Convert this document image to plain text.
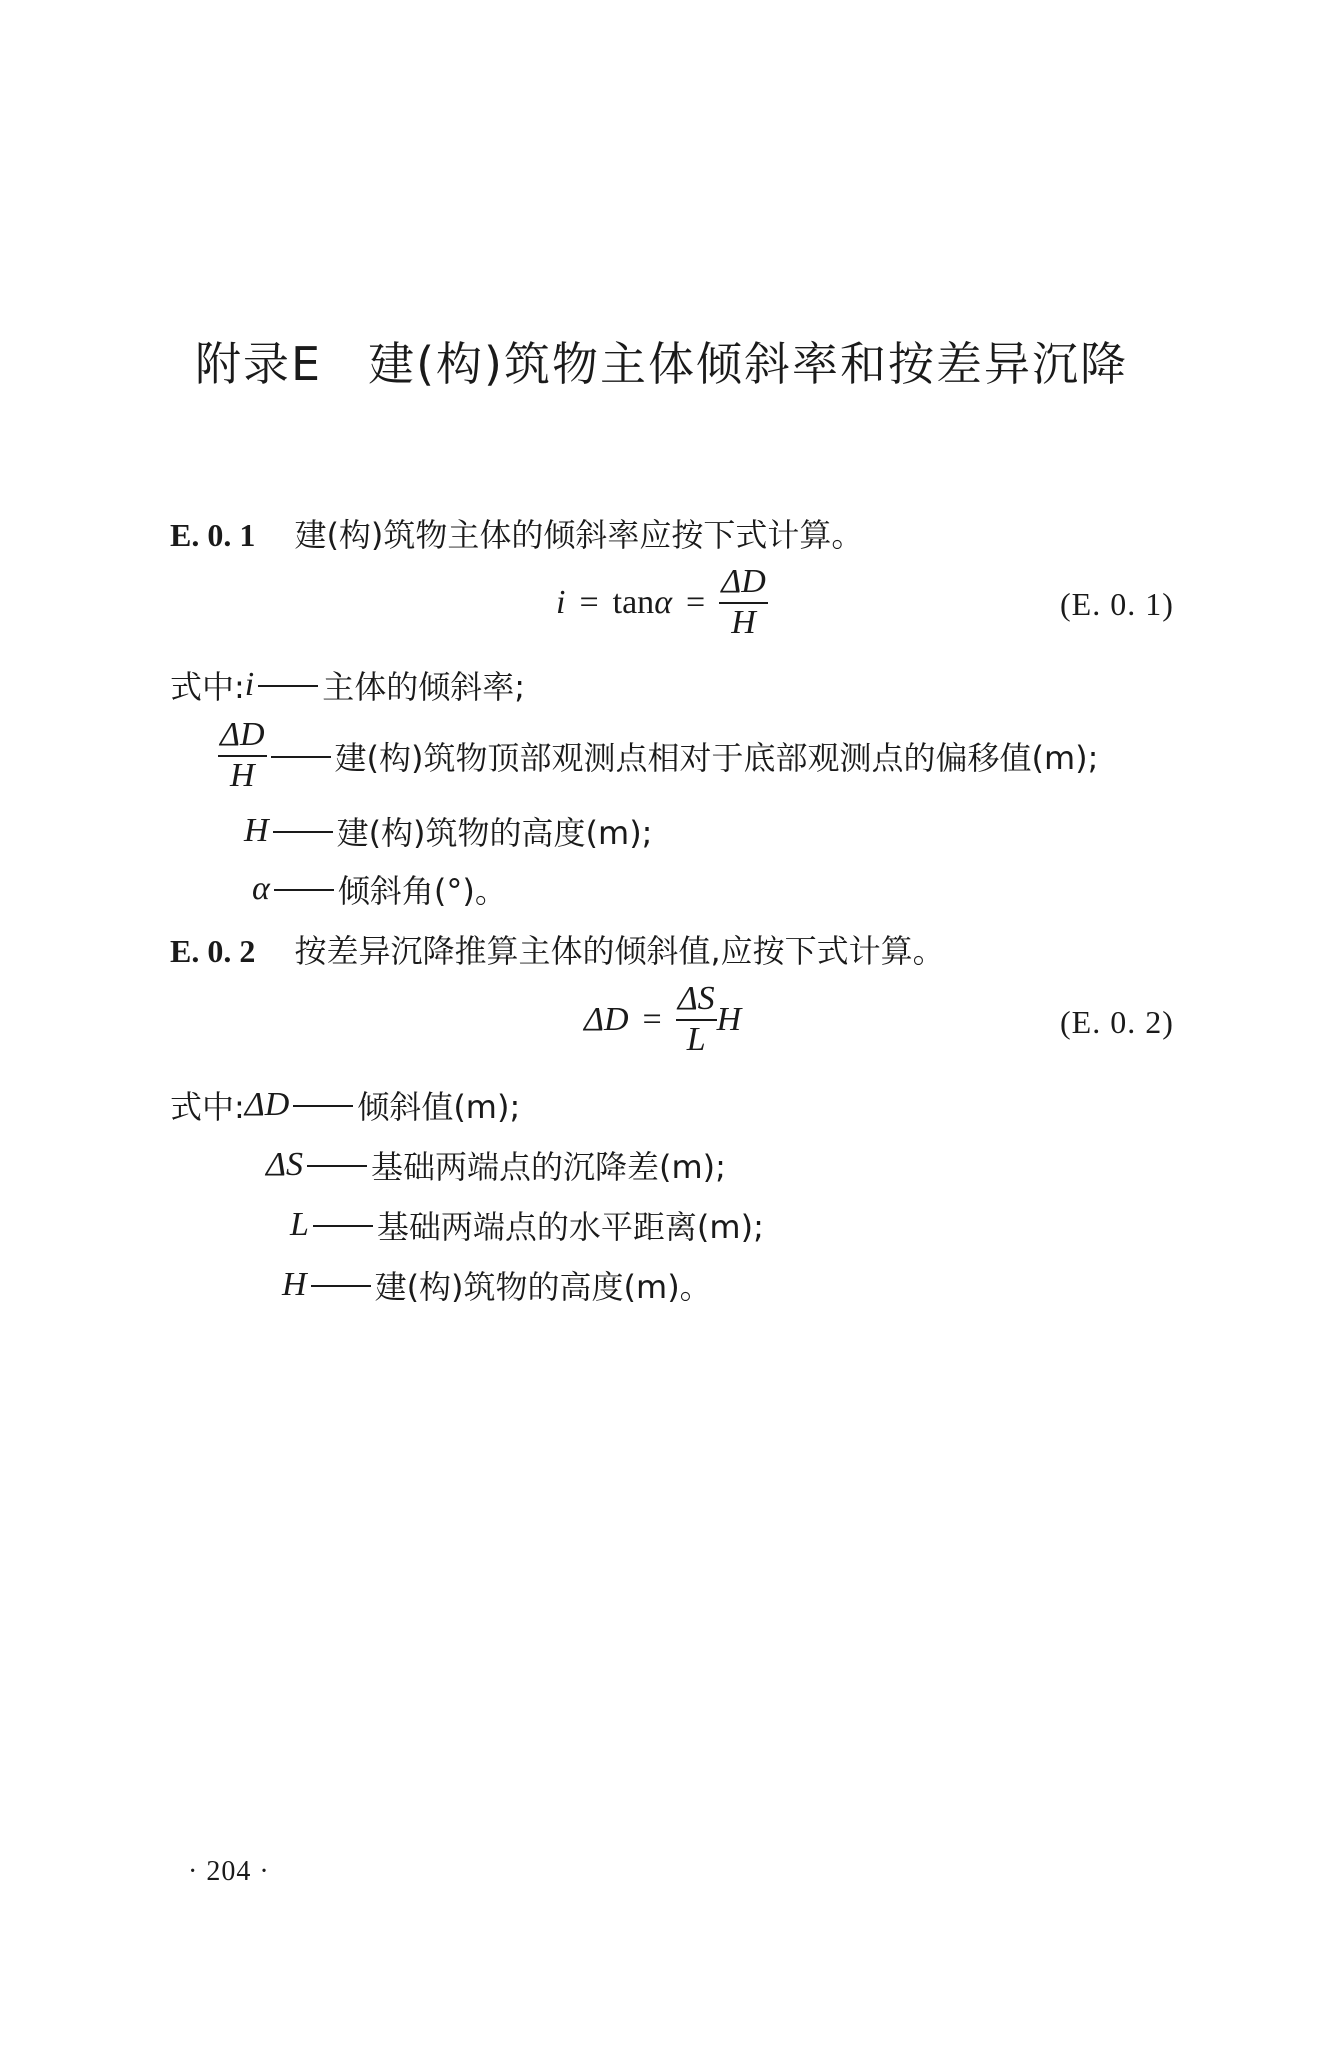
附录E 建(构)筑物主体倾斜率和按差异沉降
E. 0. 1 建(构)筑物主体的倾斜率应按下式计算。
$i = \tan \alpha = \frac{\Delta D}{H}$	(E. 0. 1)
式中: i 主体的倾斜率;
$\frac{\Delta D}{H}$ 建(构)筑物顶部观测点相对于底部观测点的偏移值(m);
H 建(构)筑物的高度(m);
α 倾斜角(°)。
E. 0. 2 按差异沉降推算主体的倾斜值,应按下式计算。
$\Delta D = \frac{\Delta S}{L}$ H	(E. 0. 2)
式中: ΔD 倾斜值(m);
ΔS 基础两端点的沉降差(m);
L 基础两端点的水平距离(m);
H 建(构)筑物的高度(m)。
· 204 ·
